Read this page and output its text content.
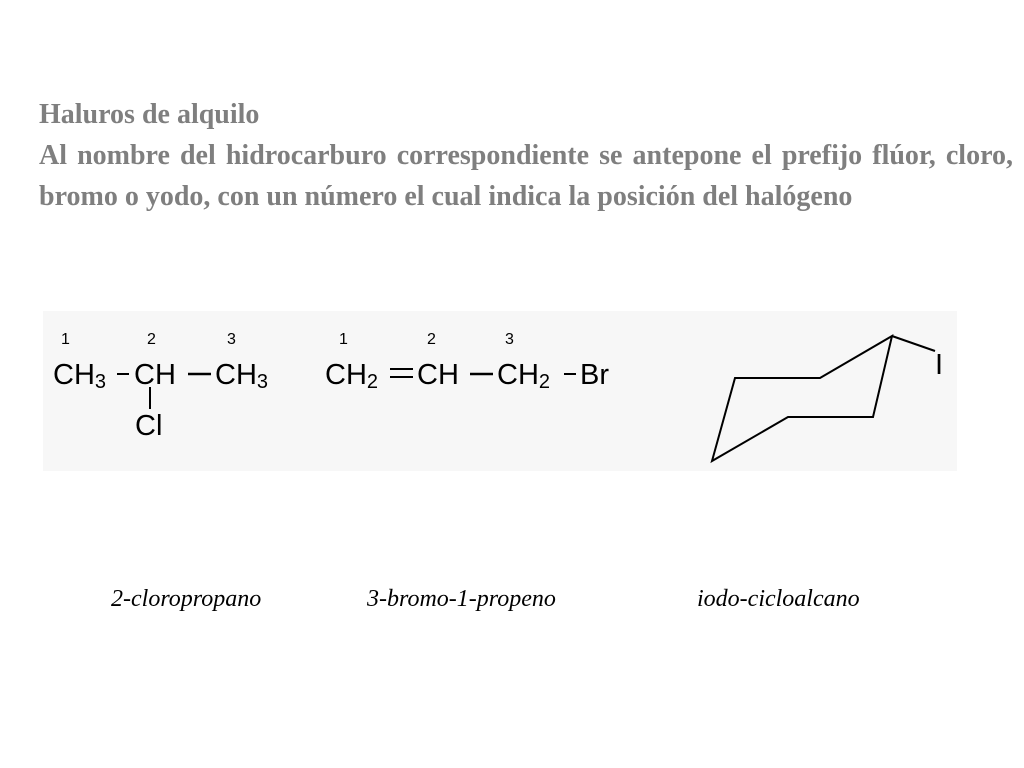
Haluros de alquilo

Al nombre del hidrocarburo correspondiente se antepone el prefijo flúor, cloro, bromo o yodo, con un número el cual indica la posición del halógeno

1	2	3
CH3 CH CH3
Cl
1	2	3
CH2 CH CH2 Br	I
2-cloropropano	3-bromo-1-propeno	iodo-cicloalcano
